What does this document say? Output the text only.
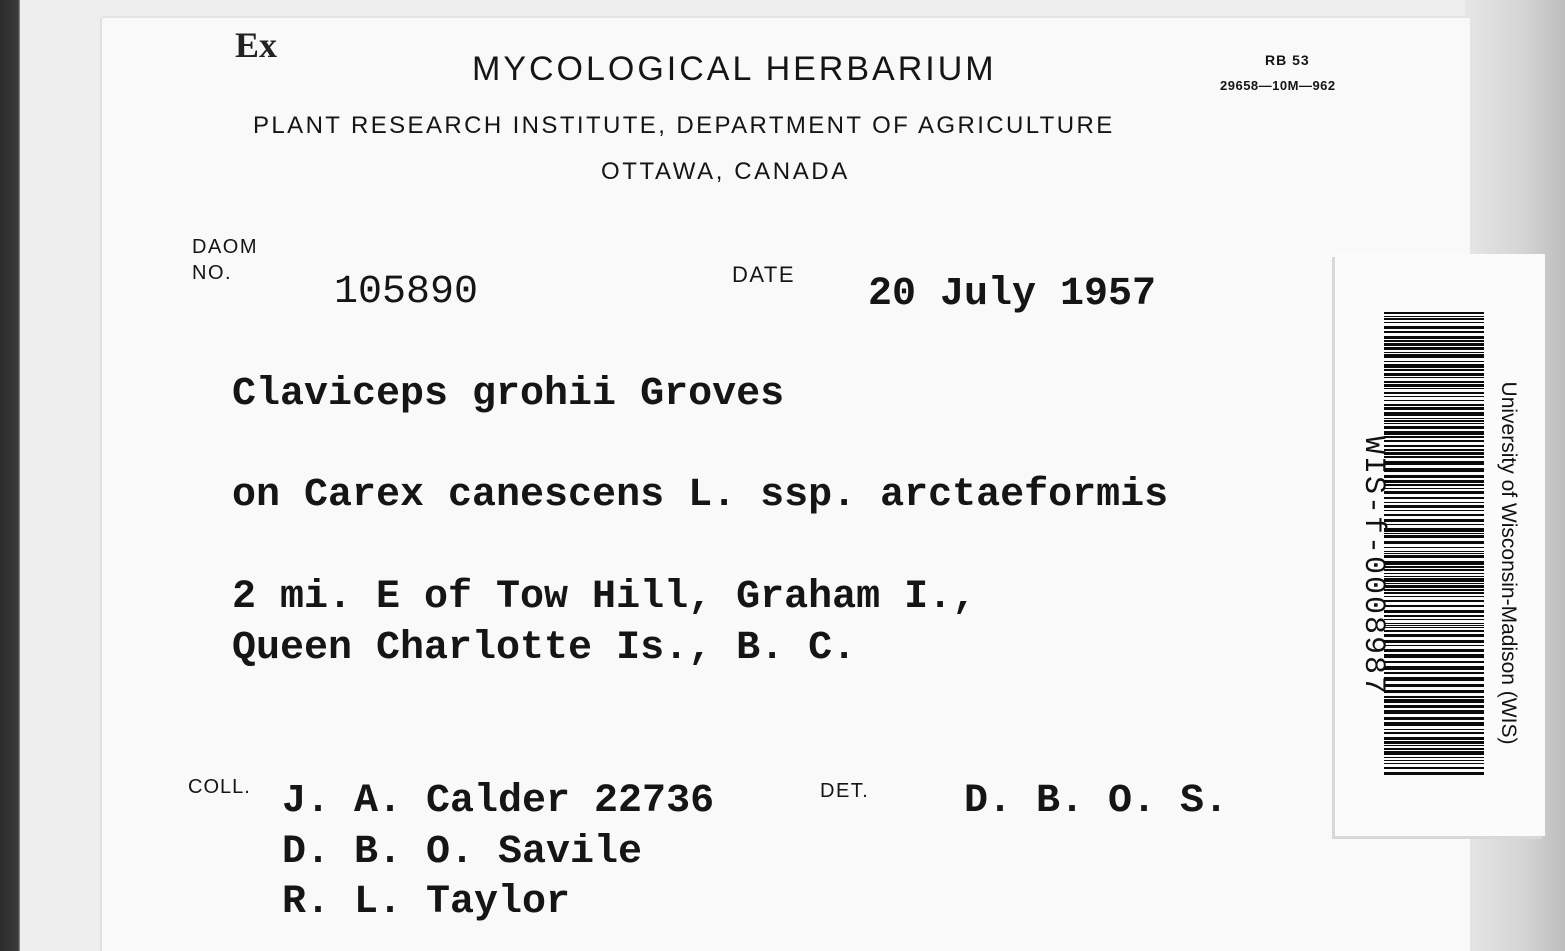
Ex
MYCOLOGICAL HERBARIUM	RB 53
29658—10M—962
PLANT RESEARCH INSTITUTE, DEPARTMENT OF AGRICULTURE
OTTAWA, CANADA
DAOM
NO.	105890	DATE 20 July 1957
Claviceps grohii Groves
on Carex canescens L. ssp. arctaeformis
2 mi. E of Tow Hill, Graham I.,
Queen Charlotte Is., B. C.
COLL. J. A. Calder 22736
D. B. O. Savile
R. L. Taylor
DET. D. B. O. S.
WIS-f-0008987	University of Wisconsin-Madison (WIS)
